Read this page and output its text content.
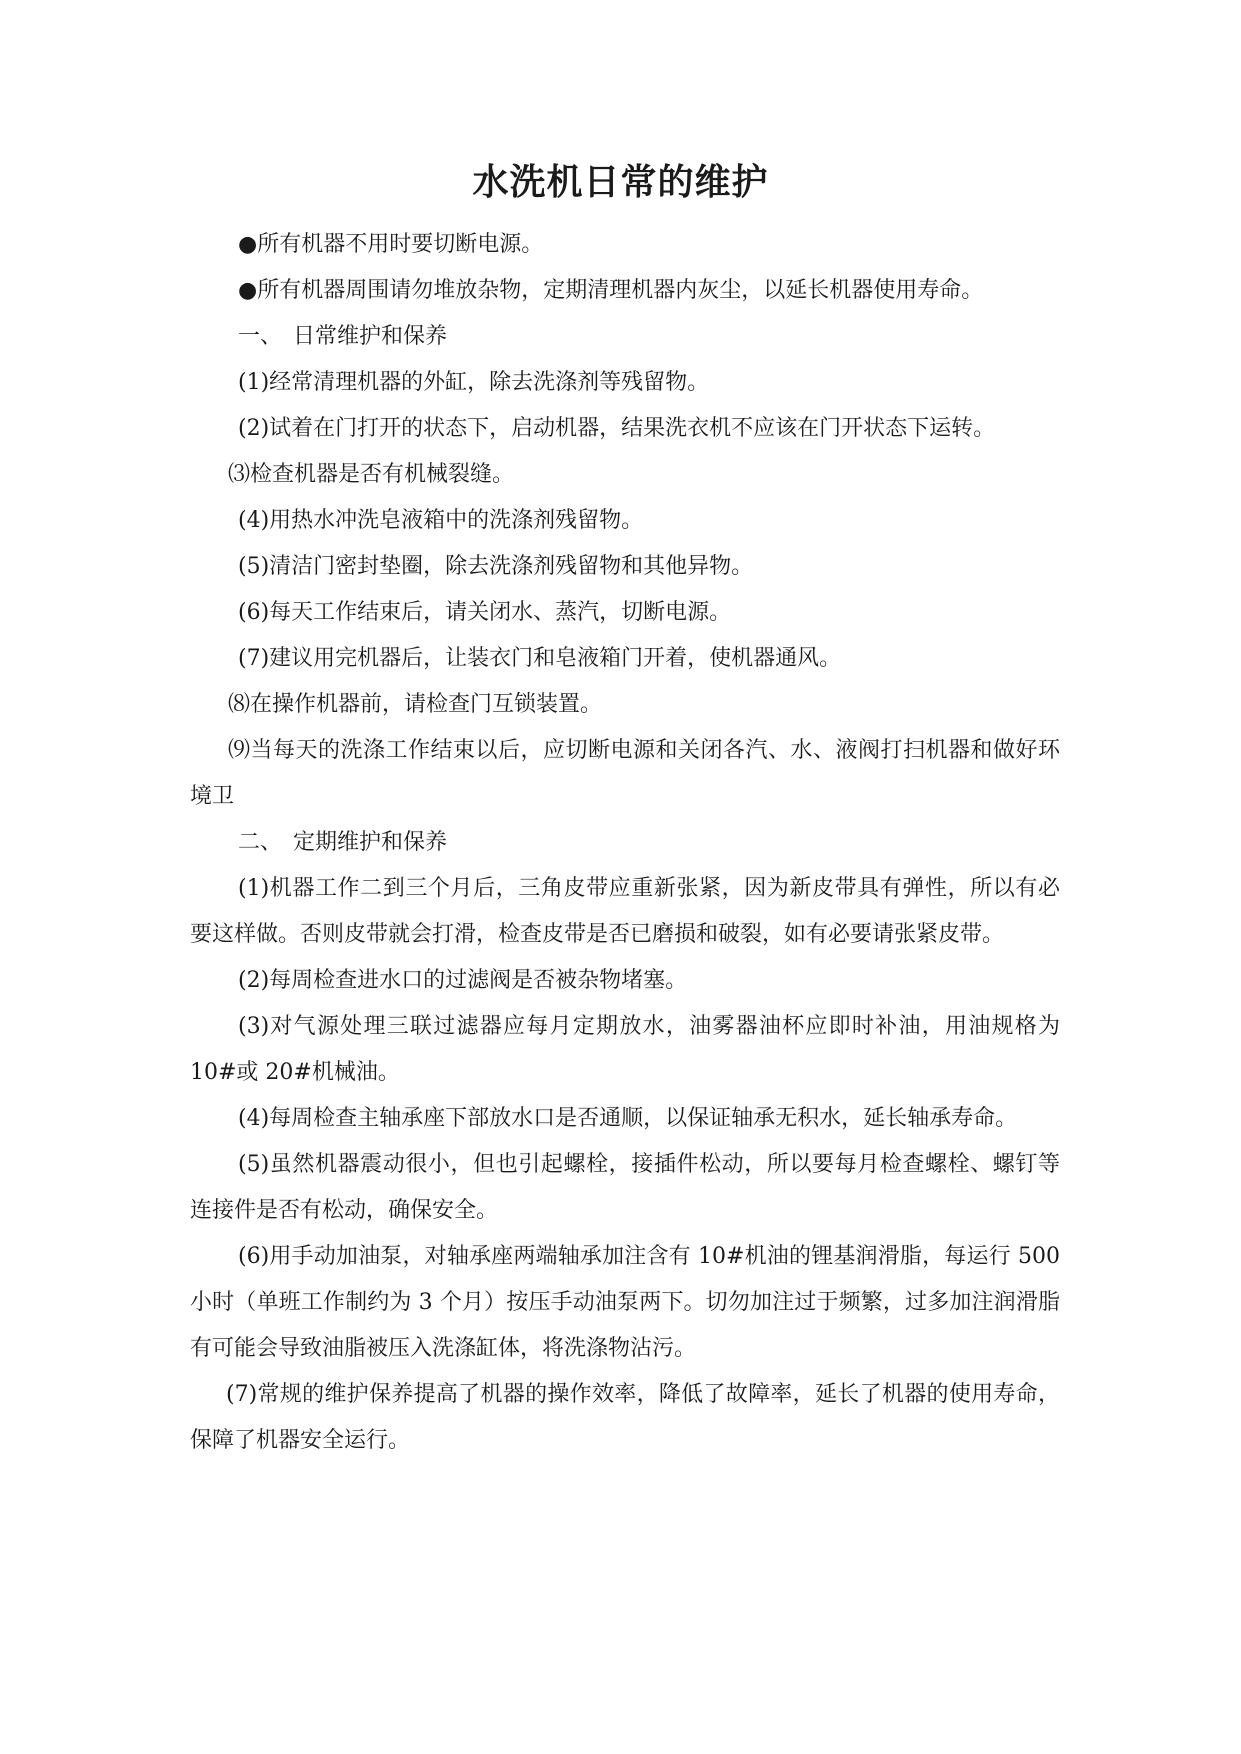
水洗机日常的维护

●所有机器不用时要切断电源。

●所有机器周围请勿堆放杂物，定期清理机器内灰尘，以延长机器使用寿命。

一、　日常维护和保养

(1)经常清理机器的外缸，除去洗涤剂等残留物。

(2)试着在门打开的状态下，启动机器，结果洗衣机不应该在门开状态下运转。

⑶检查机器是否有机械裂缝。

(4)用热水冲洗皂液箱中的洗涤剂残留物。

(5)清洁门密封垫圈，除去洗涤剂残留物和其他异物。

(6)每天工作结束后，请关闭水、蒸汽，切断电源。

(7)建议用完机器后，让装衣门和皂液箱门开着，使机器通风。

⑻在操作机器前，请检查门互锁装置。

⑼当每天的洗涤工作结束以后，应切断电源和关闭各汽、水、液阀打扫机器和做好环境卫

二、　定期维护和保养

(1)机器工作二到三个月后，三角皮带应重新张紧，因为新皮带具有弹性，所以有必要这样做。否则皮带就会打滑，检查皮带是否已磨损和破裂，如有必要请张紧皮带。

(2)每周检查进水口的过滤阀是否被杂物堵塞。

(3)对气源处理三联过滤器应每月定期放水，油雾器油杯应即时补油，用油规格为 10#或 20#机械油。

(4)每周检查主轴承座下部放水口是否通顺，以保证轴承无积水，延长轴承寿命。

(5)虽然机器震动很小，但也引起螺栓，接插件松动，所以要每月检查螺栓、螺钉等连接件是否有松动，确保安全。

(6)用手动加油泵，对轴承座两端轴承加注含有 10#机油的锂基润滑脂，每运行 500 小时（单班工作制约为 3 个月）按压手动油泵两下。切勿加注过于频繁，过多加注润滑脂有可能会导致油脂被压入洗涤缸体，将洗涤物沾污。

(7)常规的维护保养提高了机器的操作效率，降低了故障率，延长了机器的使用寿命，保障了机器安全运行。
